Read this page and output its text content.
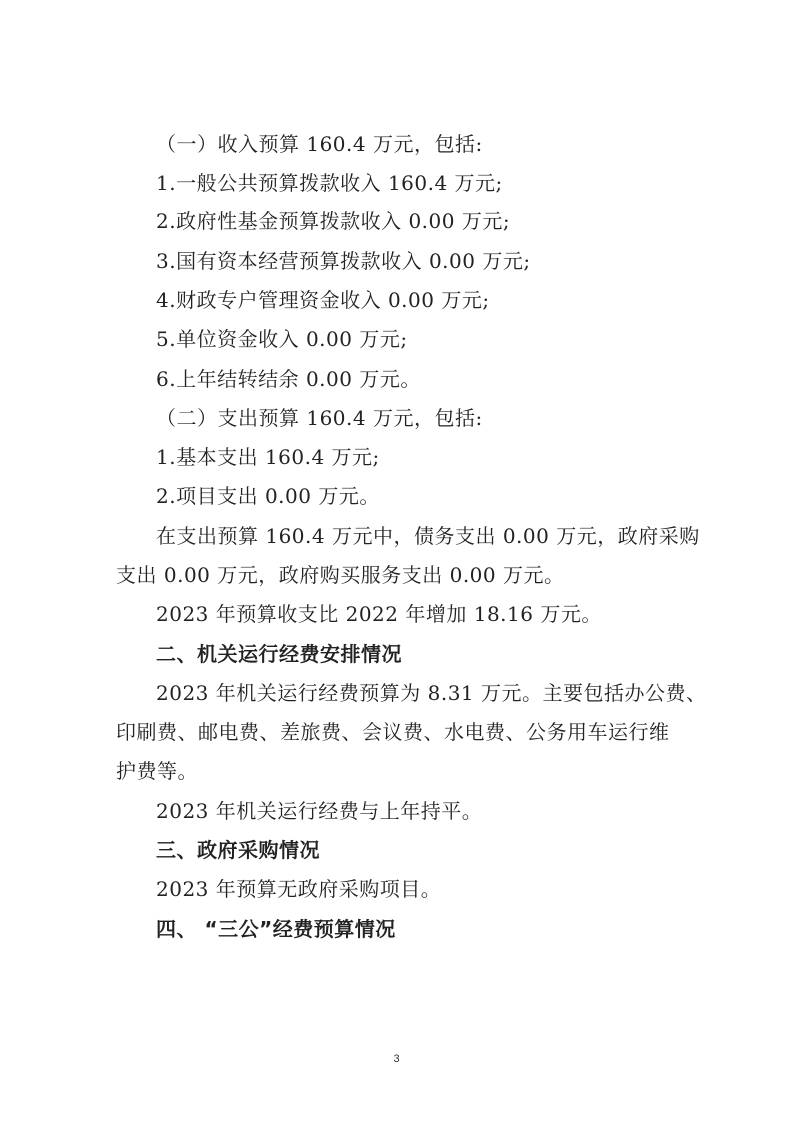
（一）收入预算 160.4 万元，包括:
1.一般公共预算拨款收入 160.4 万元;
2.政府性基金预算拨款收入 0.00 万元;
3.国有资本经营预算拨款收入 0.00 万元;
4.财政专户管理资金收入 0.00 万元;
5.单位资金收入 0.00 万元;
6.上年结转结余 0.00 万元。
（二）支出预算 160.4 万元，包括:
1.基本支出 160.4 万元;
2.项目支出 0.00 万元。
在支出预算 160.4 万元中，债务支出 0.00 万元，政府采购
支出 0.00 万元，政府购买服务支出 0.00 万元。
2023 年预算收支比 2022 年增加 18.16 万元。
二、机关运行经费安排情况
2023 年机关运行经费预算为 8.31 万元。主要包括办公费、
印刷费、邮电费、差旅费、会议费、水电费、公务用车运行维
护费等。
2023 年机关运行经费与上年持平。
三、政府采购情况
2023 年预算无政府采购项目。
四、 “三公”经费预算情况
3
